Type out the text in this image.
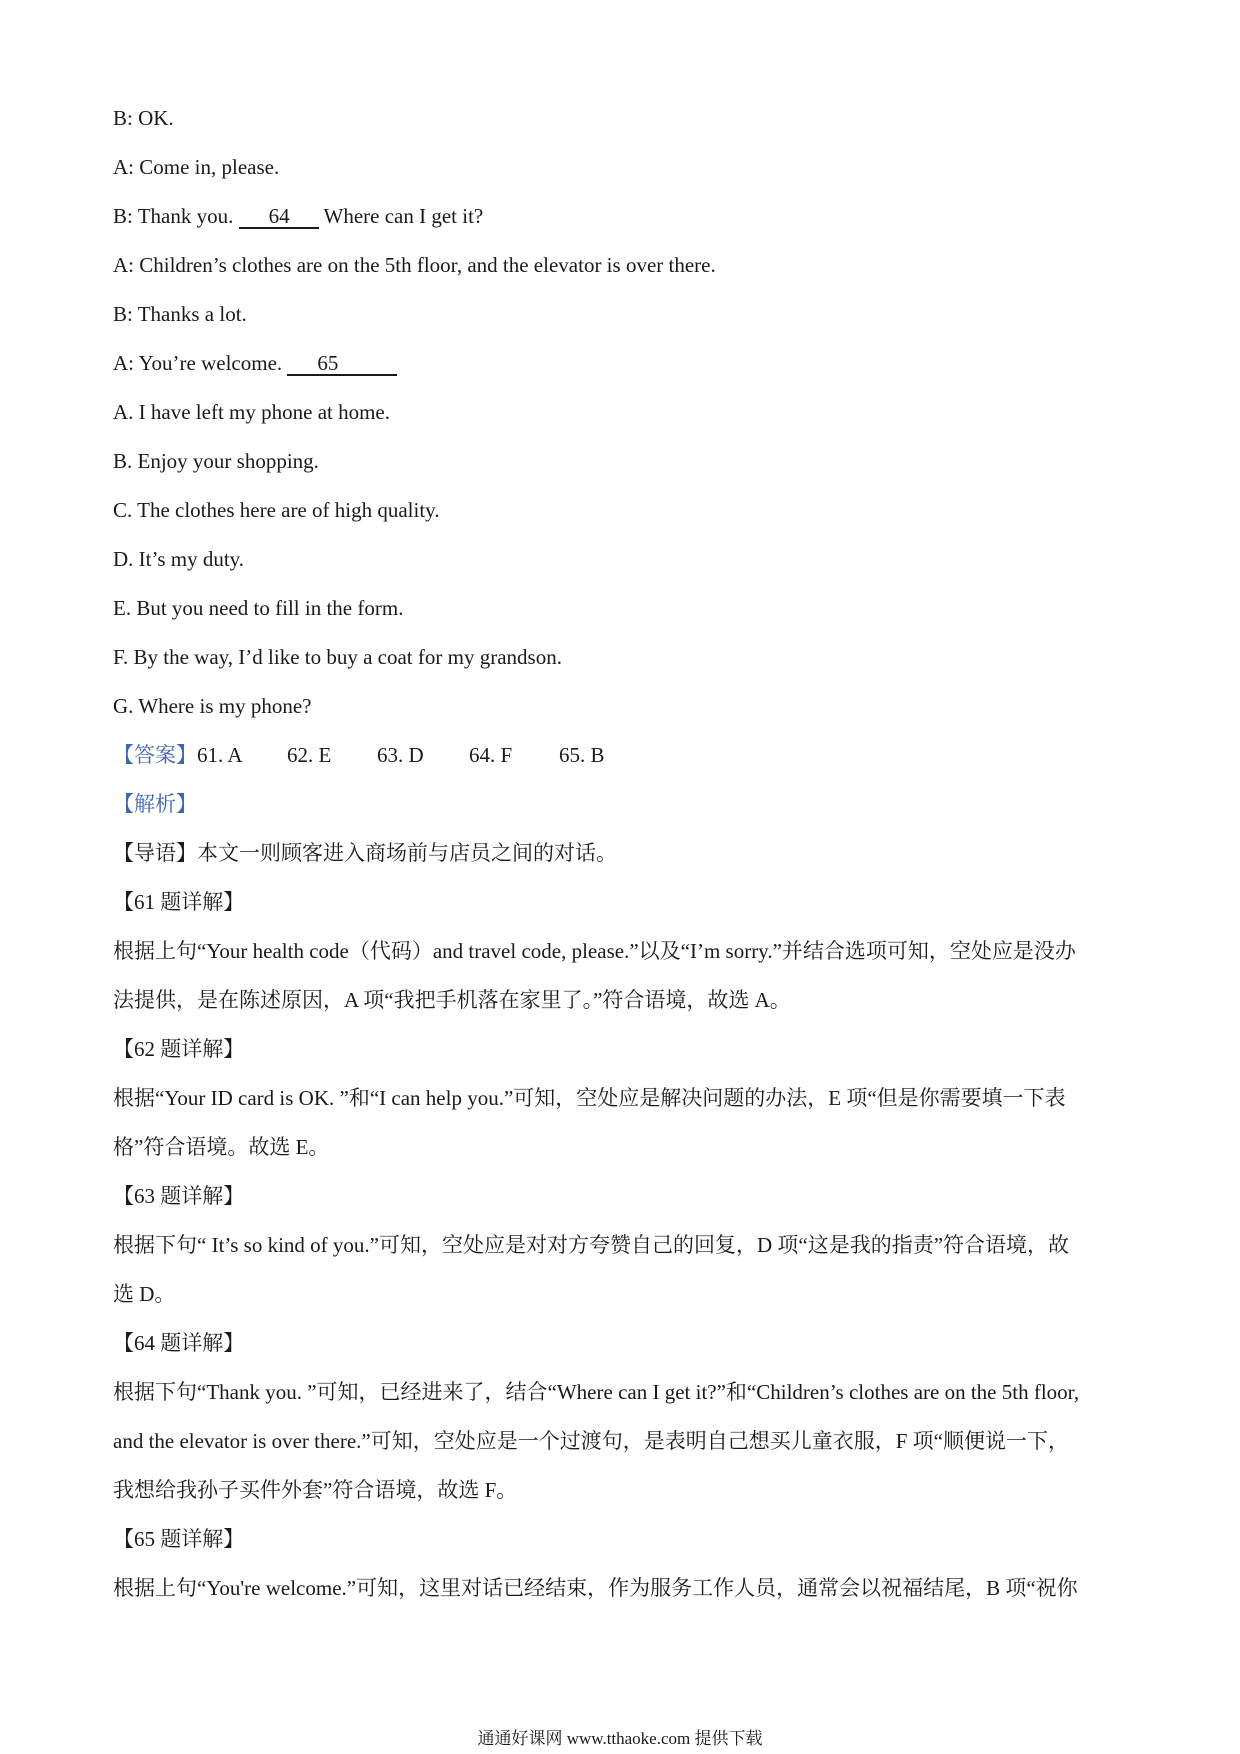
B: OK.
A: Come in, please.
B: Thank you. 64 Where can I get it?
A: Children’s clothes are on the 5th floor, and the elevator is over there.
B: Thanks a lot.
A: You’re welcome. 65
A. I have left my phone at home.
B. Enjoy your shopping.
C. The clothes here are of high quality.
D. It’s my duty.
E. But you need to fill in the form.
F. By the way, I’d like to buy a coat for my grandson.
G. Where is my phone?
【答案】61. A 62. E 63. D 64. F 65. B
【解析】
【导语】本文一则顾客进入商场前与店员之间的对话。
【61 题详解】
根据上句“Your health code（代码）and travel code, please.”以及“I’m sorry.”并结合选项可知，空处应是没办
法提供，是在陈述原因，A 项“我把手机落在家里了。”符合语境，故选 A。
【62 题详解】
根据“Your ID card is OK. ”和“I can help you.”可知，空处应是解决问题的办法，E 项“但是你需要填一下表
格”符合语境。故选 E。
【63 题详解】
根据下句“ It’s so kind of you.”可知，空处应是对对方夸赞自己的回复，D 项“这是我的指责”符合语境，故
选 D。
【64 题详解】
根据下句“Thank you. ”可知，已经进来了，结合“Where can I get it?”和“Children’s clothes are on the 5th floor,
and the elevator is over there.”可知，空处应是一个过渡句，是表明自己想买儿童衣服，F 项“顺便说一下，
我想给我孙子买件外套”符合语境，故选 F。
【65 题详解】
根据上句“You're welcome.”可知，这里对话已经结束，作为服务工作人员，通常会以祝福结尾，B 项“祝你
通通好课网 www.tthaoke.com 提供下载
